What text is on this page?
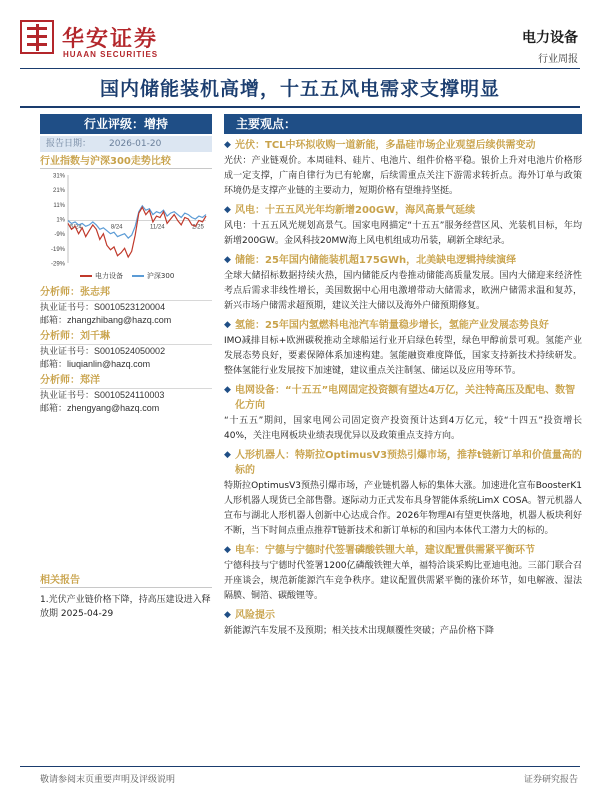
华安证券
HUAAN SECURITIES
电力设备
行业周报
国内储能装机高增，十五五风电需求支撑明显
行业评级：增持
报告日期： 2026-01-20
行业指数与沪深300走势比较
-29%
-19%
-9%
1%
11%
21%
31%
5/24	8/24	11/24	2/25
电力设备	沪深300
分析师：张志邦
执业证书号：S0010523120004
邮箱：zhangzhibang@hazq.com
分析师：刘千琳
执业证书号：S0010524050002
邮箱：liuqianlin@hazq.com
分析师：郑洋
执业证书号：S0010524110003
邮箱：zhengyang@hazq.com
相关报告
1.光伏产业链价格下降，持高压建设进入释放期 2025-04-29
主要观点：
◆ 光伏：TCL中环拟收购一道新能，多晶硅市场企业观望后续供需变动
光伏：产业链观价。本周硅料、硅片、电池片、组件价格平稳。银价上升对电池片价格形成一定支撑，广南自律行为已有轮廓，后续需重点关注下游需求转折点。海外订单与政策环境仍是支撑产业链的主要动力，短期价格有望维持坚挺。
◆ 风电：十五五风光年均新增200GW，海风高景气延续
风电：十五五风光规划高景气。国家电网描定“十五五”服务经营区风、光装机目标，年均新增200GW。金风科技20MW海上风电机组成功吊装，刷新全球纪录。
◆ 储能：25年国内储能装机超175GWh，北美缺电逻辑持续演绎
全球大储招标数据持续火热，国内储能反内卷推动储能高质量发展。国内大储迎来经济性考点后需求非线性增长，美国数据中心用电激增带动大储需求，欧洲户储需求温和复苏，新兴市场户储需求超预期，建议关注大储以及海外户储预期修复。
◆ 氢能：25年国内氢燃料电池汽车销量稳步增长，氢能产业发展态势良好
IMO减排目标+欧洲碳税推动全球船运行业开启绿色转型，绿色甲醇前景可观。氢能产业发展态势良好，要素保障体系加速构建。氢能融资难度降低，国家支持新技术持续研发。整体氢能行业发展按下加速键，建议重点关注制氢、储运以及应用等环节。
◆ 电网设备：“十五五”电网固定投资额有望达4万亿，关注特高压及配电、数智化方向
“十五五”期间，国家电网公司固定资产投资预计达到4万亿元，较“十四五”投资增长40%，关注电网板块业绩表现优异以及政策重点支持方向。
◆ 人形机器人：特斯拉OptimusV3预热引爆市场，推荐t链新订单和价值量高的标的
特斯拉OptimusV3预热引爆市场，产业链机器人标的集体大涨。加速进化宣布BoosterK1人形机器人现货已全部售罄。逐际动力正式发布具身智能体系统LimX COSA。智元机器人宣布与湖北人形机器人创新中心达成合作。2026年物理AI有望更快落地，机器人板块利好不断，当下时间点重点推荐T链新技术和新订单标的和国内本体代工潜力大的标的。
◆ 电车：宁德与宁德时代签署磷酸铁锂大单，建议配置供需紧平衡环节
宁德科技与宁德时代签署1200亿磷酸铁锂大单，福特洽谈采购比亚迪电池。三部门联合召开座谈会，规范新能源汽车竞争秩序。建议配置供需紧平衡的涨价环节，如电解液、湿法隔膜、铜箔、碳酸锂等。
◆ 风险提示
新能源汽车发展不及预期；相关技术出现颠覆性突破；产品价格下降
敬请参阅末页重要声明及评级说明	证券研究报告
